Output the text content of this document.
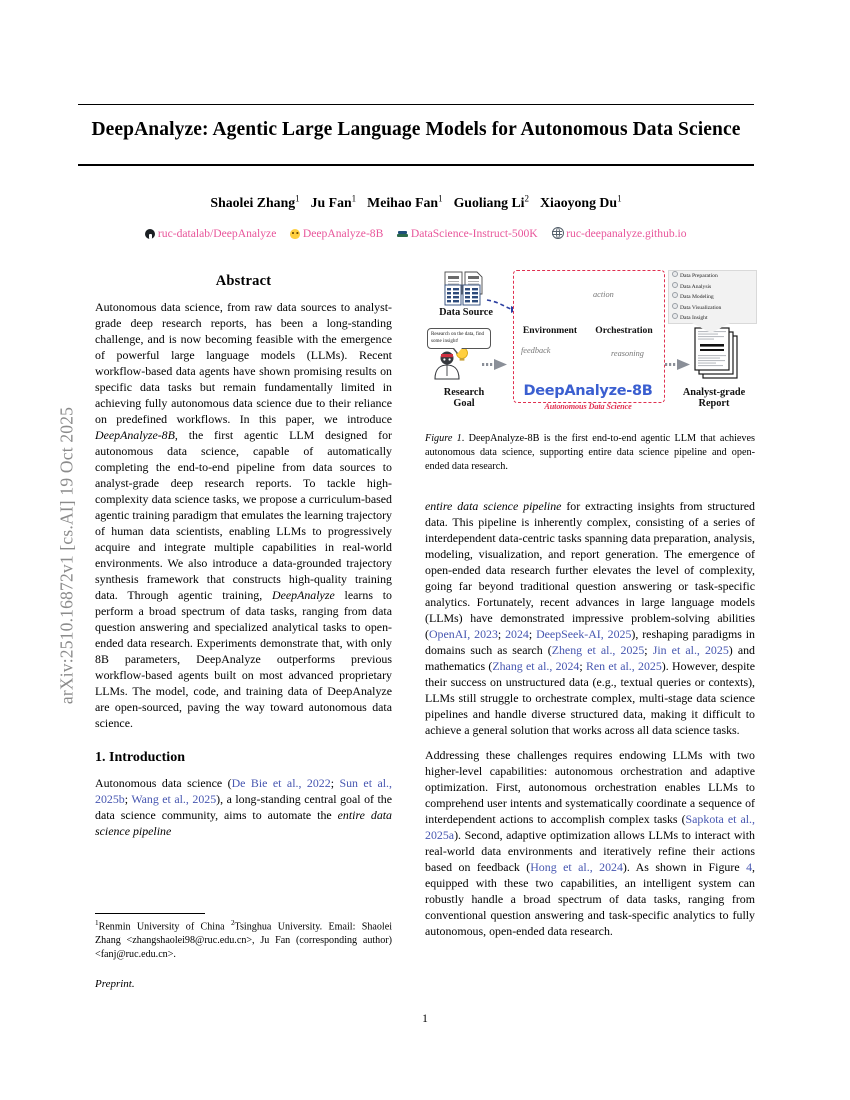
arXiv:2510.16872v1 [cs.AI] 19 Oct 2025
DeepAnalyze: Agentic Large Language Models for Autonomous Data Science
Shaolei Zhang$^1$ Ju Fan$^1$ Meihao Fan$^1$ Guoliang Li$^2$ Xiaoyong Du$^1$
ruc-datalab/DeepAnalyze DeepAnalyze-8B DataScience-Instruct-500K ruc-deepanalyze.github.io
Abstract
Autonomous data science, from raw data sources to analyst-grade deep research reports, has been a long-standing challenge, and is now becoming feasible with the emergence of powerful large language models (LLMs). Recent workflow-based data agents have shown promising results on specific data tasks but remain fundamentally limited in achieving fully autonomous data science due to their reliance on predefined workflows. In this paper, we introduce DeepAnalyze-8B, the first agentic LLM designed for autonomous data science, capable of automatically completing the end-to-end pipeline from data sources to analyst-grade deep research reports. To tackle high-complexity data science tasks, we propose a curriculum-based agentic training paradigm that emulates the learning trajectory of human data scientists, enabling LLMs to progressively acquire and integrate multiple capabilities in real-world environments. We also introduce a data-grounded trajectory synthesis framework that constructs high-quality training data. Through agentic training, DeepAnalyze learns to perform a broad spectrum of data tasks, ranging from data question answering and specialized analytical tasks to open-ended data research. Experiments demonstrate that, with only 8B parameters, DeepAnalyze outperforms previous workflow-based agents built on most advanced proprietary LLMs. The model, code, and training data of DeepAnalyze are open-sourced, paving the way toward autonomous data science.
1. Introduction
Autonomous data science (De Bie et al., 2022; Sun et al., 2025b; Wang et al., 2025), a long-standing central goal of the data science community, aims to automate the entire data science pipeline
$^1$Renmin University of China $^2$Tsinghua University. Email: Shaolei Zhang <zhangshaolei98@ruc.edu.cn>, Ju Fan (corresponding author) <fanj@ruc.edu.cn>.
Preprint.
DeepAnalyze-8B
Autonomous Data Science
Data Source
Research
Goal
Environment	Orchestration
Analyst-grade
Report
action
feedback	reasoning
Research on the data, find some insight!
Data Preparation
Data Analysis
Data Modeling
Data Visualization
Data Insight
Figure 1. DeepAnalyze-8B is the first end-to-end agentic LLM that achieves autonomous data science, supporting entire data science pipeline and open-ended data research.
entire data science pipeline for extracting insights from structured data. This pipeline is inherently complex, consisting of a series of interdependent data-centric tasks spanning data preparation, analysis, modeling, visualization, and report generation. The emergence of open-ended data research further elevates the level of complexity, going far beyond traditional question answering or task-specific analytics. Fortunately, recent advances in large language models (LLMs) have demonstrated impressive problem-solving abilities (OpenAI, 2023; 2024; DeepSeek-AI, 2025), reshaping paradigms in domains such as search (Zheng et al., 2025; Jin et al., 2025) and mathematics (Zhang et al., 2024; Ren et al., 2025). However, despite their success on unstructured data (e.g., textual queries or contexts), LLMs still struggle to orchestrate complex, multi-stage data science pipelines and handle diverse structured data, making it difficult to achieve a general solution that works across all data science tasks.
Addressing these challenges requires endowing LLMs with two higher-level capabilities: autonomous orchestration and adaptive optimization. First, autonomous orchestration enables LLMs to comprehend user intents and systematically coordinate a sequence of interdependent actions to accomplish complex tasks (Sapkota et al., 2025a). Second, adaptive optimization allows LLMs to interact with real-world data environments and iteratively refine their actions based on feedback (Hong et al., 2024). As shown in Figure 4, equipped with these two capabilities, an intelligent system can robustly handle a broad spectrum of data tasks, ranging from conventional question answering and task-specific analytics to fully autonomous, open-ended data research.
1
